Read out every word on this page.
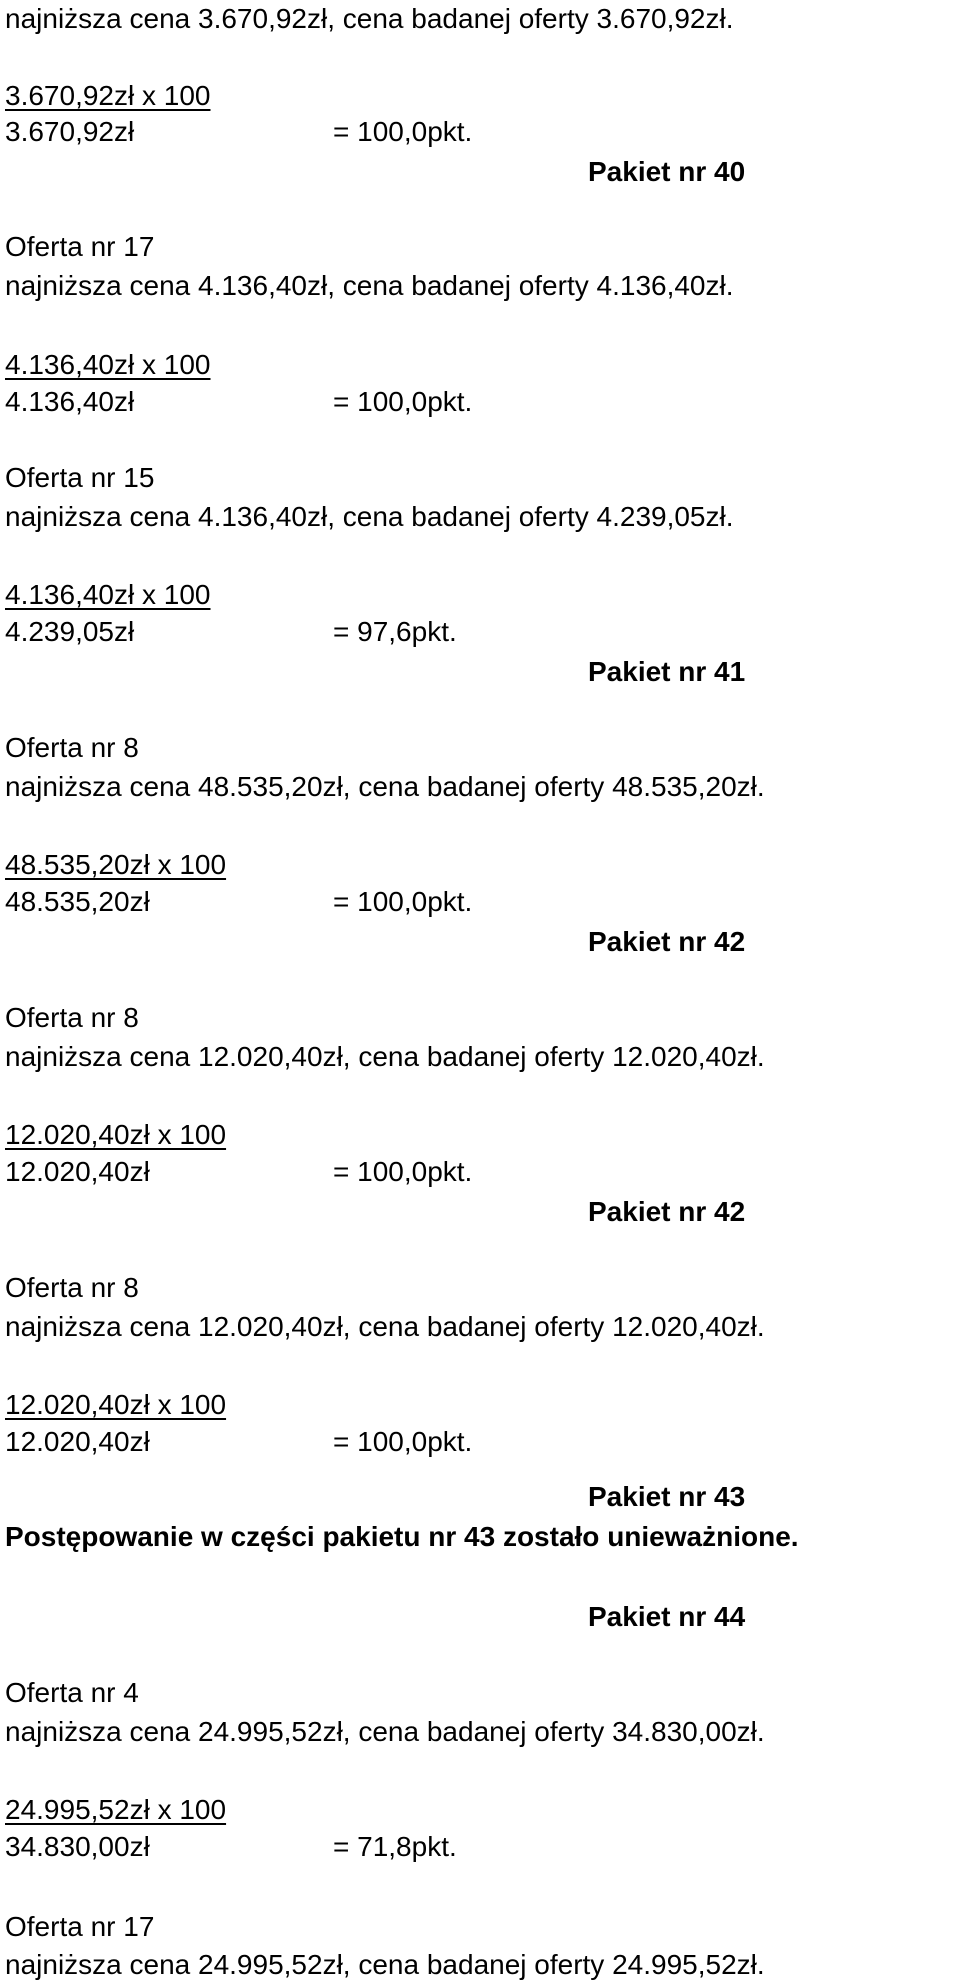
najniższa cena 3.670,92zł, cena badanej oferty 3.670,92zł.
3.670,92zł x 100
3.670,92zł	= 100,0pkt.
Pakiet nr 40
Oferta nr 17
najniższa cena 4.136,40zł, cena badanej oferty 4.136,40zł.
4.136,40zł x 100
4.136,40zł	= 100,0pkt.
Oferta nr 15
najniższa cena 4.136,40zł, cena badanej oferty 4.239,05zł.
4.136,40zł x 100
4.239,05zł	= 97,6pkt.
Pakiet nr 41
Oferta nr 8
najniższa cena 48.535,20zł, cena badanej oferty 48.535,20zł.
48.535,20zł x 100
48.535,20zł	= 100,0pkt.
Pakiet nr 42
Oferta nr 8
najniższa cena 12.020,40zł, cena badanej oferty 12.020,40zł.
12.020,40zł x 100
12.020,40zł	= 100,0pkt.
Pakiet nr 42
Oferta nr 8
najniższa cena 12.020,40zł, cena badanej oferty 12.020,40zł.
12.020,40zł x 100
12.020,40zł	= 100,0pkt.
Pakiet nr 43
Postępowanie w części pakietu nr 43 zostało unieważnione.
Pakiet nr 44
Oferta nr 4
najniższa cena 24.995,52zł, cena badanej oferty 34.830,00zł.
24.995,52zł x 100
34.830,00zł	= 71,8pkt.
Oferta nr 17
najniższa cena 24.995,52zł, cena badanej oferty 24.995,52zł.
